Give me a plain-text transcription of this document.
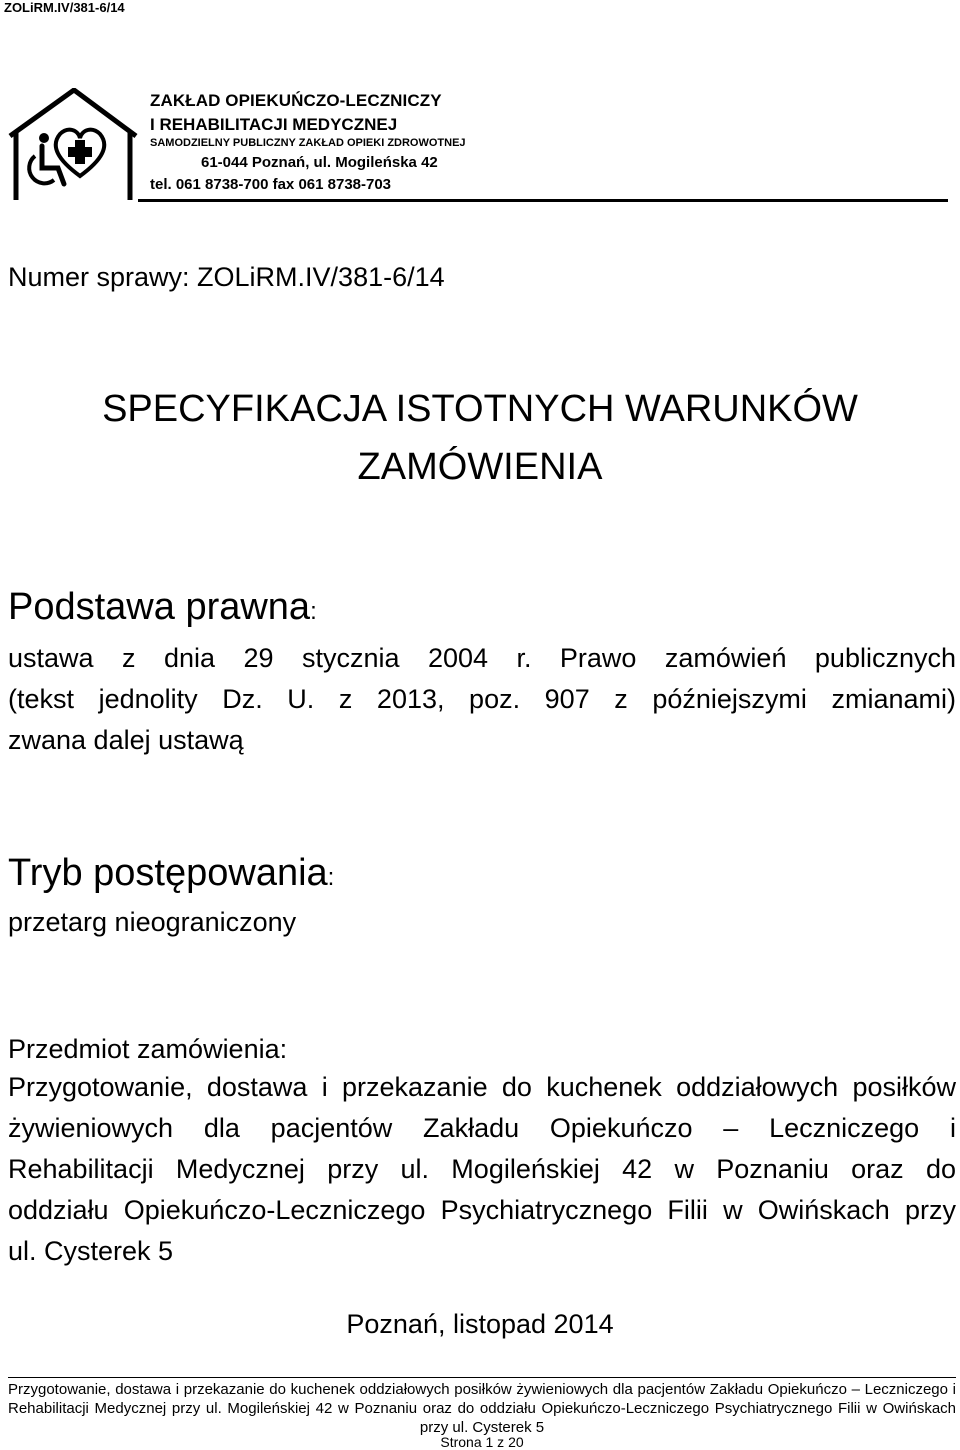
ZOLiRM.IV/381-6/14
ZAKŁAD OPIEKUŃCZO-LECZNICZY
I REHABILITACJI MEDYCZNEJ
SAMODZIELNY PUBLICZNY ZAKŁAD OPIEKI ZDROWOTNEJ
61-044 Poznań, ul. Mogileńska 42
tel. 061 8738-700 fax 061 8738-703
Numer sprawy: ZOLiRM.IV/381-6/14
SPECYFIKACJA ISTOTNYCH WARUNKÓW
ZAMÓWIENIA
Podstawa prawna:
ustawa z dnia 29 stycznia 2004 r. Prawo zamówień publicznych
(tekst jednolity Dz. U. z 2013, poz. 907 z późniejszymi zmianami)
zwana dalej ustawą
Tryb postępowania:
przetarg nieograniczony
Przedmiot zamówienia:
Przygotowanie, dostawa i przekazanie do kuchenek oddziałowych posiłków
żywieniowych dla pacjentów Zakładu Opiekuńczo – Leczniczego i
Rehabilitacji Medycznej przy ul. Mogileńskiej 42 w Poznaniu oraz do
oddziału Opiekuńczo-Leczniczego Psychiatrycznego Filii w Owińskach przy
ul. Cysterek 5
Poznań, listopad 2014
Przygotowanie, dostawa i przekazanie do kuchenek oddziałowych posiłków żywieniowych dla pacjentów Zakładu Opiekuńczo – Leczniczego i
Rehabilitacji Medycznej przy ul. Mogileńskiej 42 w Poznaniu oraz do oddziału Opiekuńczo-Leczniczego Psychiatrycznego Filii w Owińskach
przy ul. Cysterek 5
Strona 1 z 20
